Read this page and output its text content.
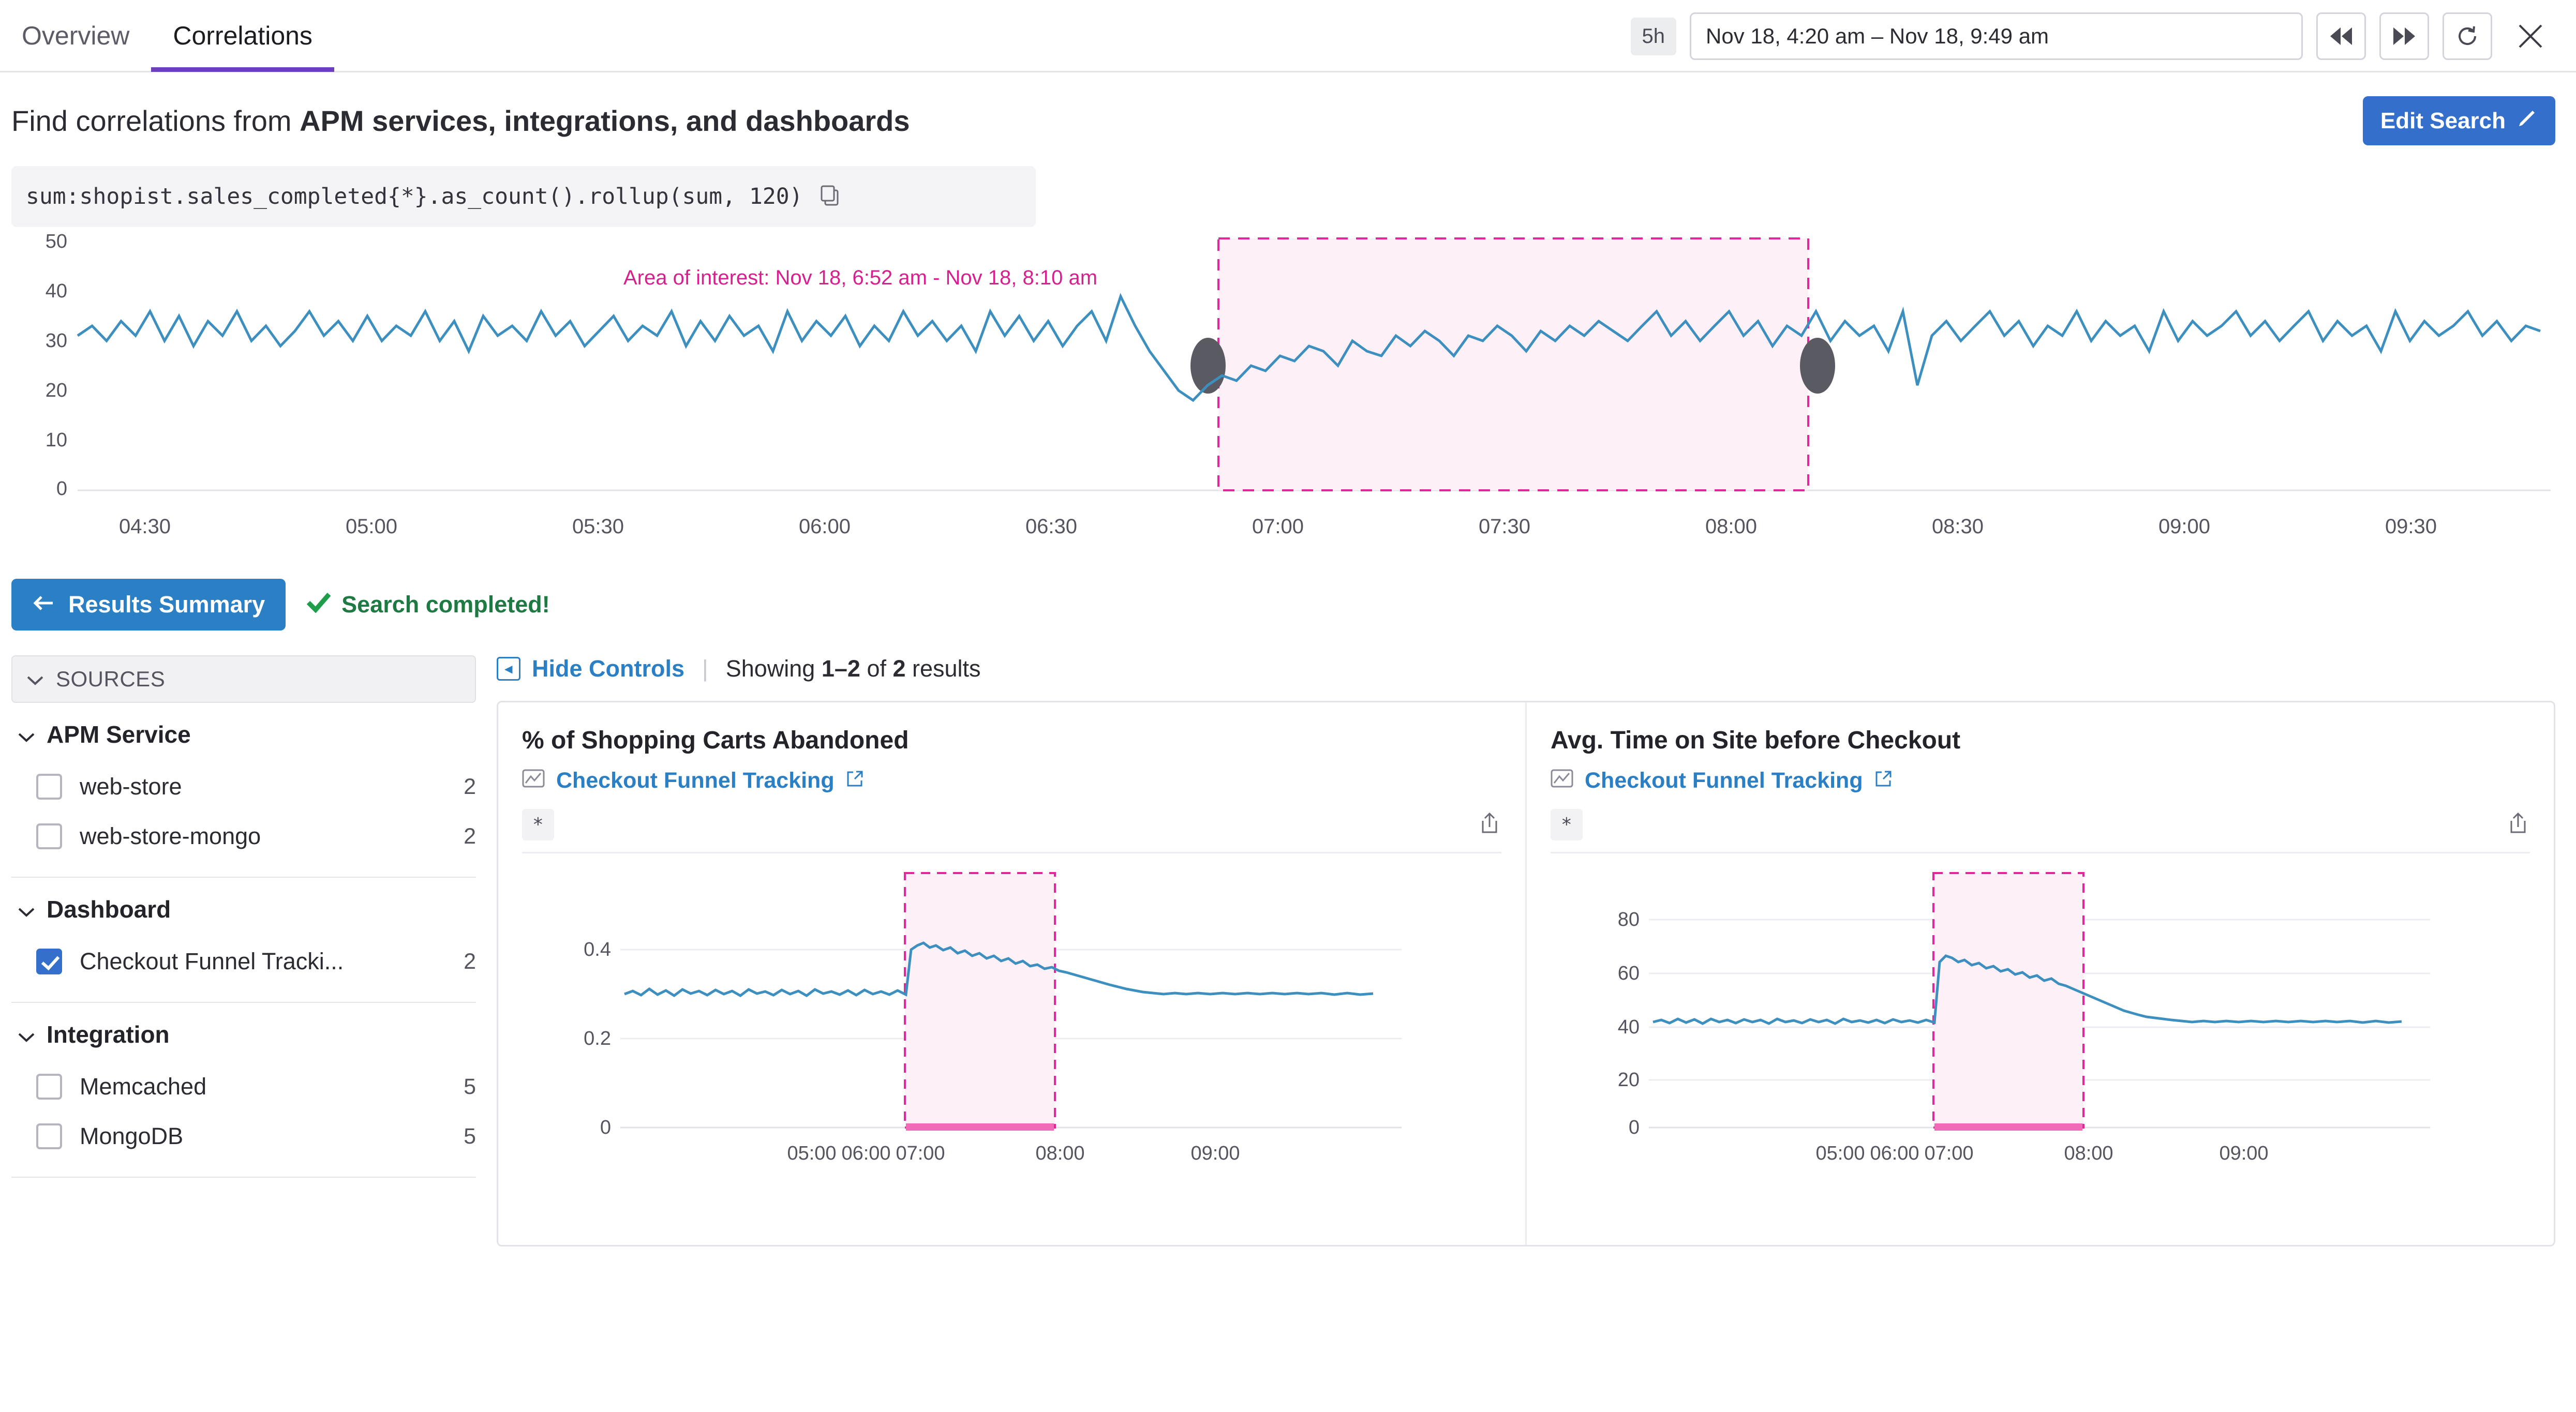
Overview Correlations	5h	Nov 18, 4:20 am – Nov 18, 9:49 am
Find correlations from APM services, integrations, and dashboards	Edit Search
sum:shopist.sales_completed{*}.as_count().rollup(sum, 120)
50
40
30
20
10
0
04:30	05:00	05:30	06:00	06:30	07:00	07:30	08:00	08:30	09:00	09:30
Area of interest: Nov 18, 6:52 am - Nov 18, 8:10 am
Results Summary	Search completed!
SOURCES
APM Service
web-store	2
web-store-mongo	2
Dashboard
Checkout Funnel Tracki...	2
Integration
Memcached	5
MongoDB	5
◂ Hide Controls | Showing 1–2 of 2 results
% of Shopping Carts Abandoned
Checkout Funnel Tracking
*
0.4
0.2
0
05:00 06:00 07:00	08:00	09:00
Avg. Time on Site before Checkout
Checkout Funnel Tracking
*
80
60
40
20
0
05:00 06:00 07:00	08:00	09:00
